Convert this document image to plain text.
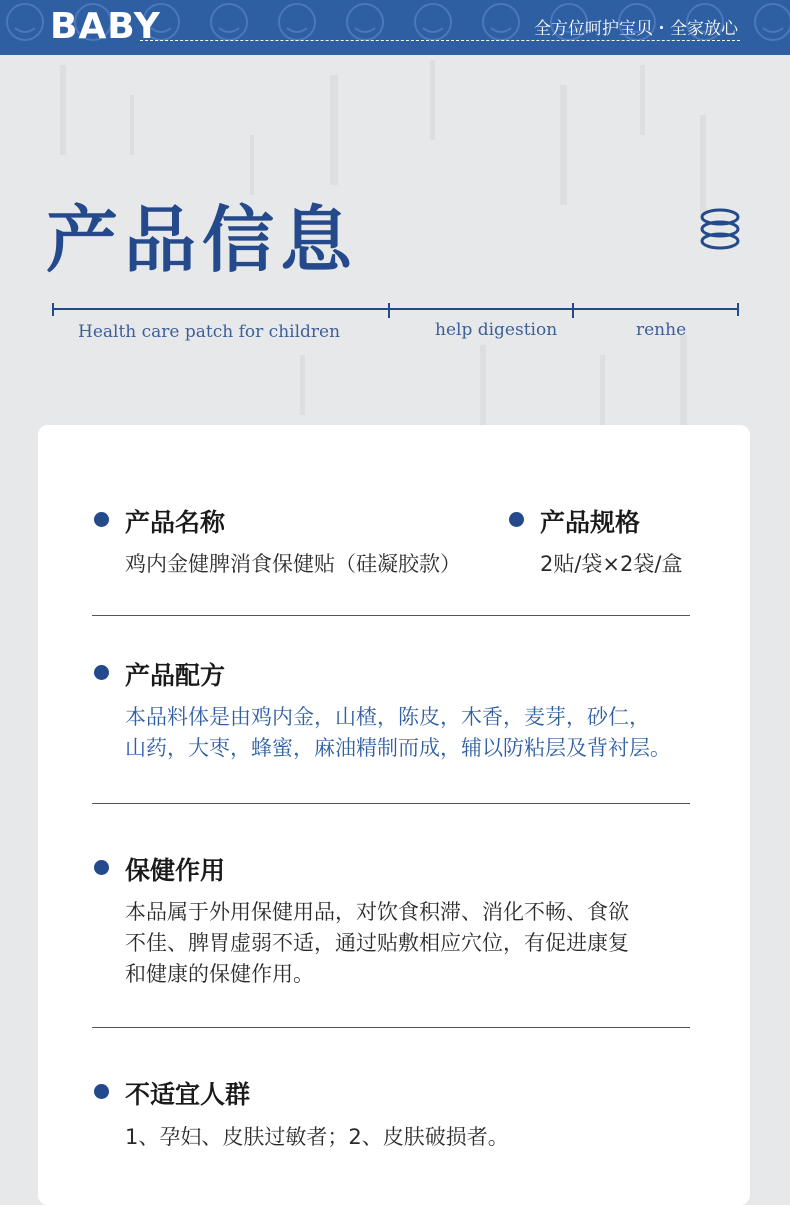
BABY	全方位呵护宝贝・全家放心
产品信息
Health care patch for children	help digestion	renhe
产品名称
鸡内金健脾消食保健贴（硅凝胶款）
产品规格
2贴/袋×2袋/盒
产品配方
本品料体是由鸡内金，山楂，陈皮，木香，麦芽，砂仁，
山药，大枣，蜂蜜，麻油精制而成，辅以防粘层及背衬层。
保健作用
本品属于外用保健用品，对饮食积滞、消化不畅、食欲
不佳、脾胃虚弱不适，通过贴敷相应穴位，有促进康复
和健康的保健作用。
不适宜人群
1、孕妇、皮肤过敏者；2、皮肤破损者。
